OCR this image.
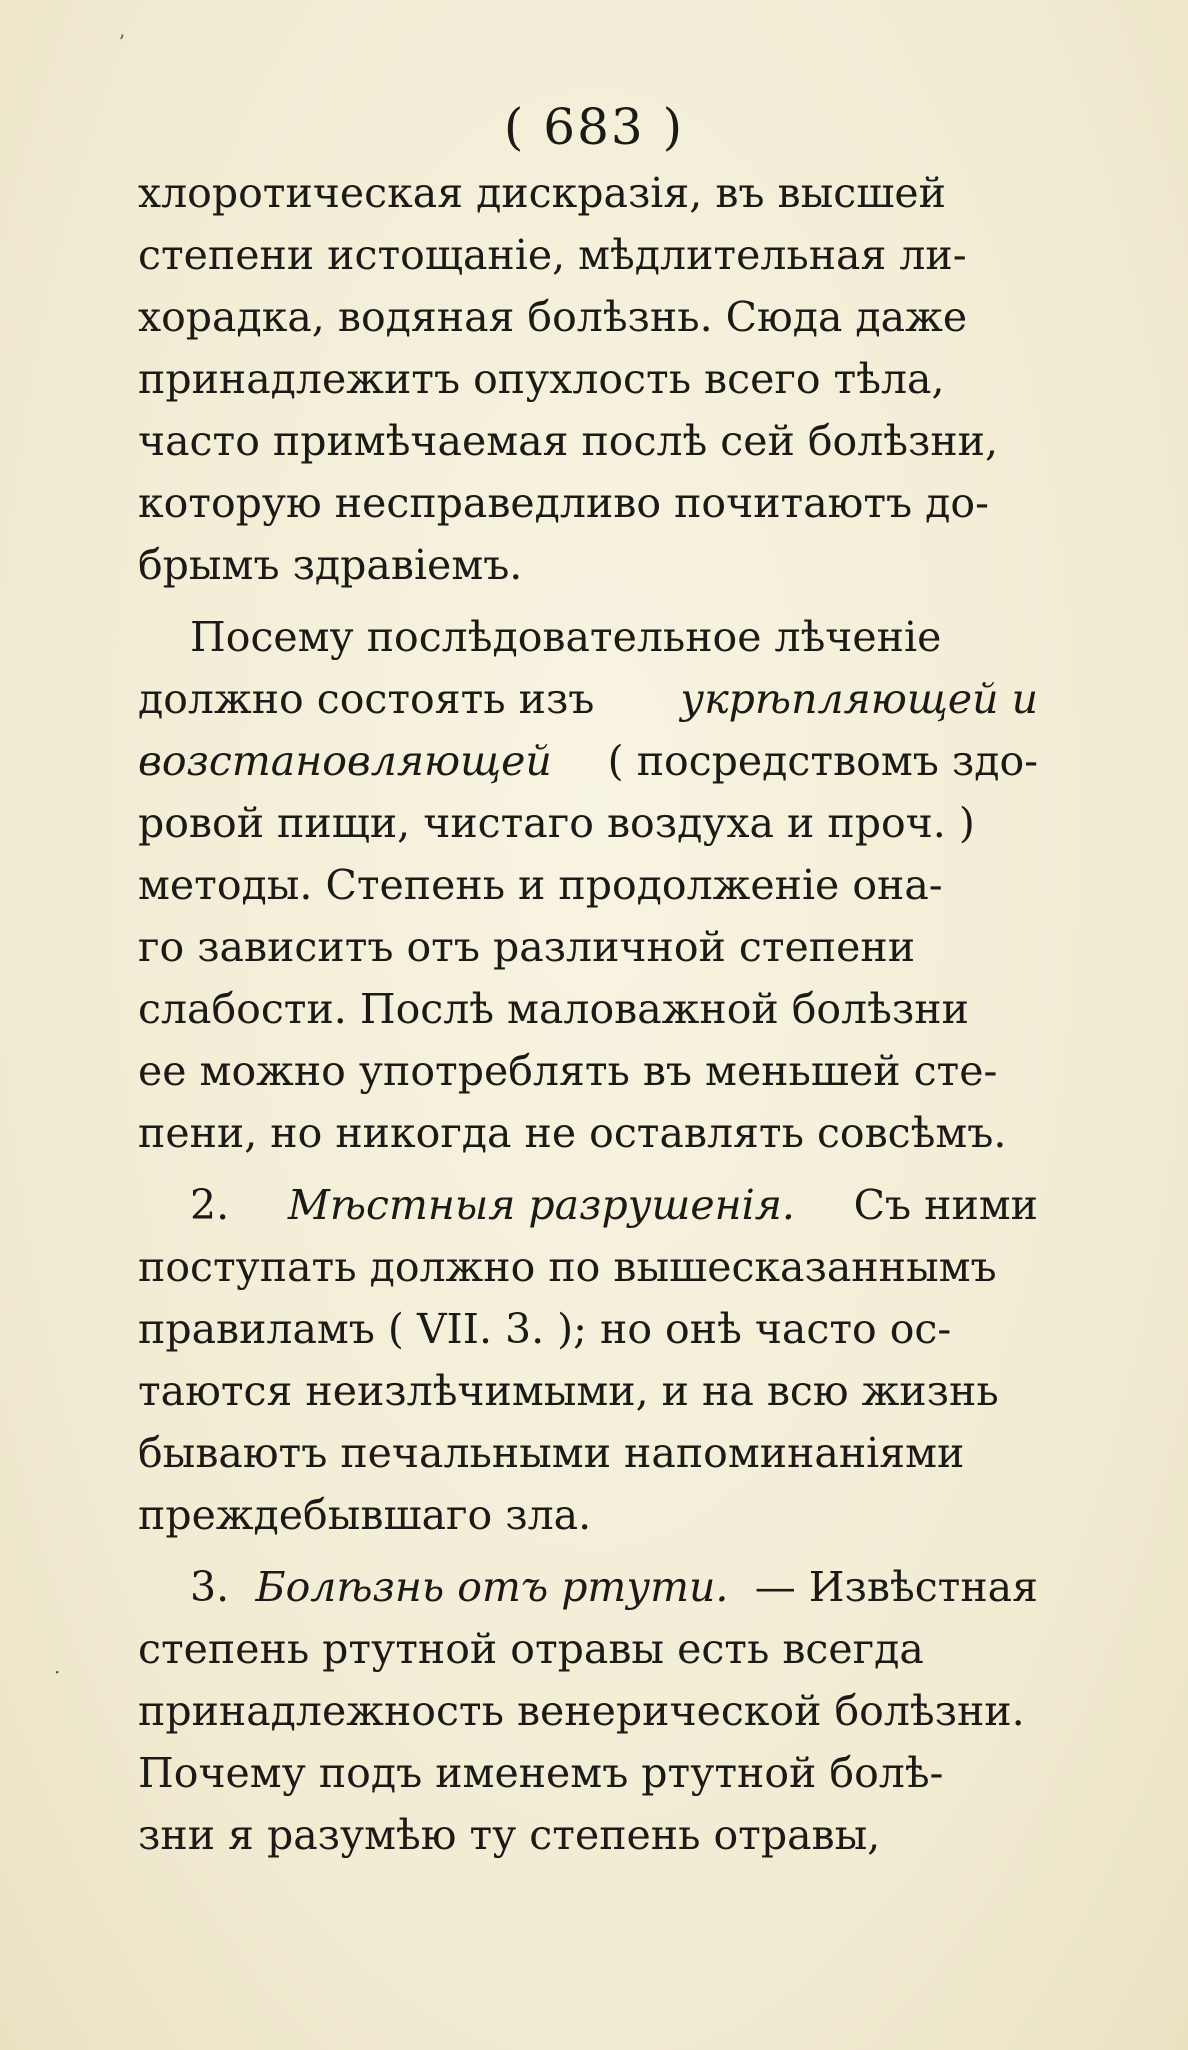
( 683 )
хлоротическая дискразія, въ высшей
степени истощаніе, мѣдлительная ли-
хорадка, водяная болѣзнь. Сюда даже
принадлежитъ опухлость всего тѣла,
часто примѣчаемая послѣ сей болѣзни,
которую несправедливо почитаютъ до-
брымъ здравіемъ.
Посему послѣдовательное лѣченіе
должно состоять изъ укрѣпляющей и
возстановляющей ( посредствомъ здо-
ровой пищи, чистаго воздуха и проч. )
методы. Степень и продолженіе она-
го зависитъ отъ различной степени
слабости. Послѣ маловажной болѣзни
ее можно употреблять въ меньшей сте-
пени, но никогда не оставлять совсѣмъ.
2. Мѣстныя разрушенія. Съ ними
поступать должно по вышесказаннымъ
правиламъ ( VII. 3. ); но онѣ часто ос-
таются неизлѣчимыми, и на всю жизнь
бываютъ печальными напоминаніями
преждебывшаго зла.
3. Болѣзнь отъ ртути. — Извѣстная
степень ртутной отравы есть всегда
принадлежность венерической болѣзни.
Почему подъ именемъ ртутной болѣ-
зни я разумѣю ту степень отравы,
ʼ
·
